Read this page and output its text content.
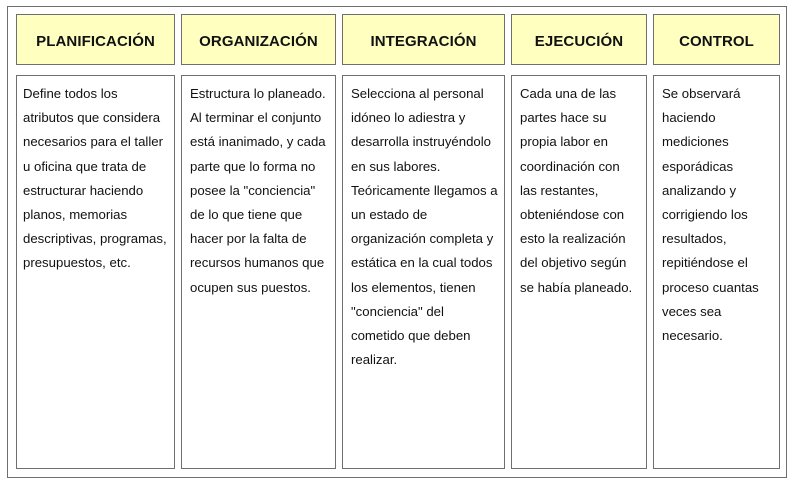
PLANIFICACIÓN
Define todos los atributos que considera necesarios para el taller u oficina que trata de estructurar haciendo planos, memorias descriptivas, programas, presupuestos, etc.
ORGANIZACIÓN
Estructura lo planeado. Al terminar el conjunto está inanimado, y cada parte que lo forma no posee la "conciencia" de lo que tiene que hacer por la falta de recursos humanos que ocupen sus puestos.
INTEGRACIÓN
Selecciona al personal idóneo lo adiestra y desarrolla instruyéndolo en sus labores. Teóricamente llegamos a un estado de organización completa y estática en la cual todos los elementos, tienen "conciencia" del cometido que deben realizar.
EJECUCIÓN
Cada una de las partes hace su propia labor en coordinación con las restantes, obteniéndose con esto la realización del objetivo según se había planeado.
CONTROL
Se observará haciendo mediciones esporádicas analizando y corrigiendo los resultados, repitiéndose el proceso cuantas veces sea necesario.
